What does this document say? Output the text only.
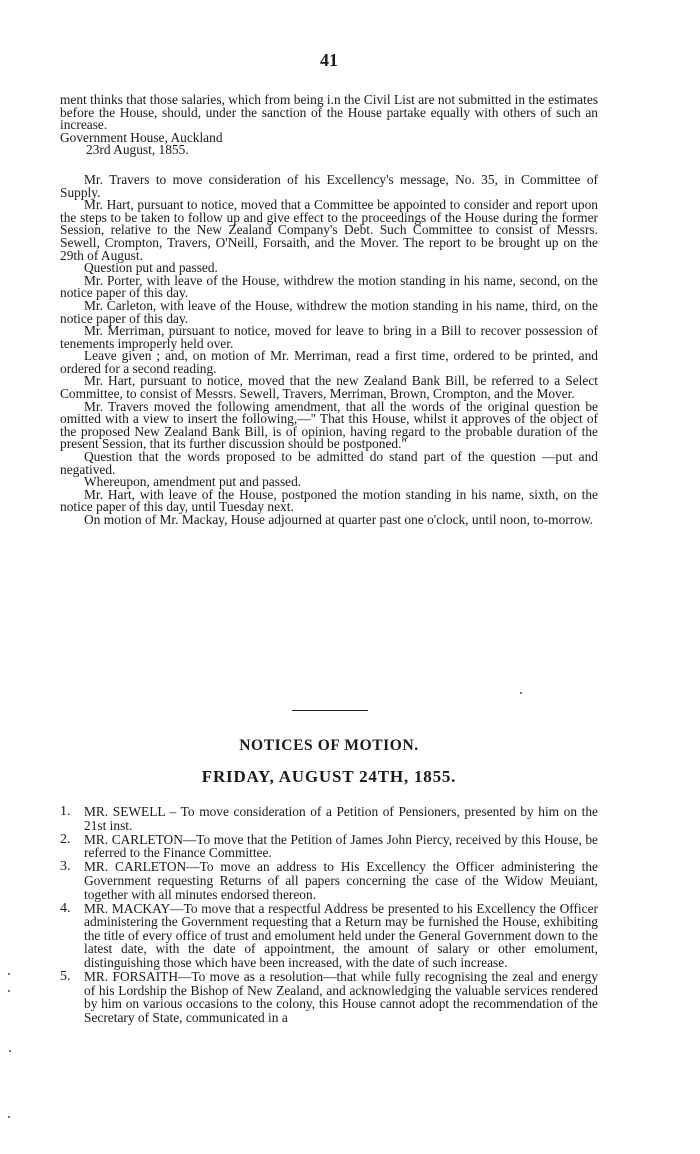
41

ment thinks that those salaries, which from being i.n the Civil List are not submitted in the estimates before the House, should, under the sanction of the House partake equally with others of such an increase.

Government House, Auckland

23rd August, 1855.

Mr. Travers to move consideration of his Excellency's message, No. 35, in Committee of Supply.

Mr. Hart, pursuant to notice, moved that a Committee be appointed to consider and report upon the steps to be taken to follow up and give effect to the proceedings of the House during the former Session, relative to the New Zealand Company's Debt. Such Committee to consist of Messrs. Sewell, Crompton, Travers, O'Neill, Forsaith, and the Mover. The report to be brought up on the 29th of August.

Question put and passed.

Mr. Porter, with leave of the House, withdrew the motion standing in his name, second, on the notice paper of this day.

Mr. Carleton, with leave of the House, withdrew the motion standing in his name, third, on the notice paper of this day.

Mr. Merriman, pursuant to notice, moved for leave to bring in a Bill to recover possession of tenements improperly held over.

Leave given ; and, on motion of Mr. Merriman, read a first time, ordered to be printed, and ordered for a second reading.

Mr. Hart, pursuant to notice, moved that the new Zealand Bank Bill, be referred to a Select Committee, to consist of Messrs. Sewell, Travers, Merriman, Brown, Crompton, and the Mover.

Mr. Travers moved the following amendment, that all the words of the original question be omitted with a view to insert the following,—" That this House, whilst it approves of the object of the proposed New Zealand Bank Bill, is of opinion, having regard to the probable duration of the present Session, that its further discussion should be postponed."

Question that the words proposed to be admitted do stand part of the question —put and negatived.

Whereupon, amendment put and passed.

Mr. Hart, with leave of the House, postponed the motion standing in his name, sixth, on the notice paper of this day, until Tuesday next.

On motion of Mr. Mackay, House adjourned at quarter past one o'clock, until noon, to-morrow.

NOTICES OF MOTION.
FRIDAY, AUGUST 24TH, 1855.
1. MR. SEWELL – To move consideration of a Petition of Pensioners, presented by him on the 21st inst.
2. MR. CARLETON—To move that the Petition of James John Piercy, received by this House, be referred to the Finance Committee.
3. MR. CARLETON—To move an address to His Excellency the Officer administering the Government requesting Returns of all papers concerning the case of the Widow Meuiant, together with all minutes endorsed thereon.
4. MR. MACKAY—To move that a respectful Address be presented to his Excellency the Officer administering the Government requesting that a Return may be furnished the House, exhibiting the title of every office of trust and emolument held under the General Government down to the latest date, with the date of appointment, the amount of salary or other emolument, distinguishing those which have been increased, with the date of such increase.
5. MR. FORSAITH—To move as a resolution—that while fully recognising the zeal and energy of his Lordship the Bishop of New Zealand, and acknowledging the valuable services rendered by him on various occasions to the colony, this House cannot adopt the recommendation of the Secretary of State, communicated in a
